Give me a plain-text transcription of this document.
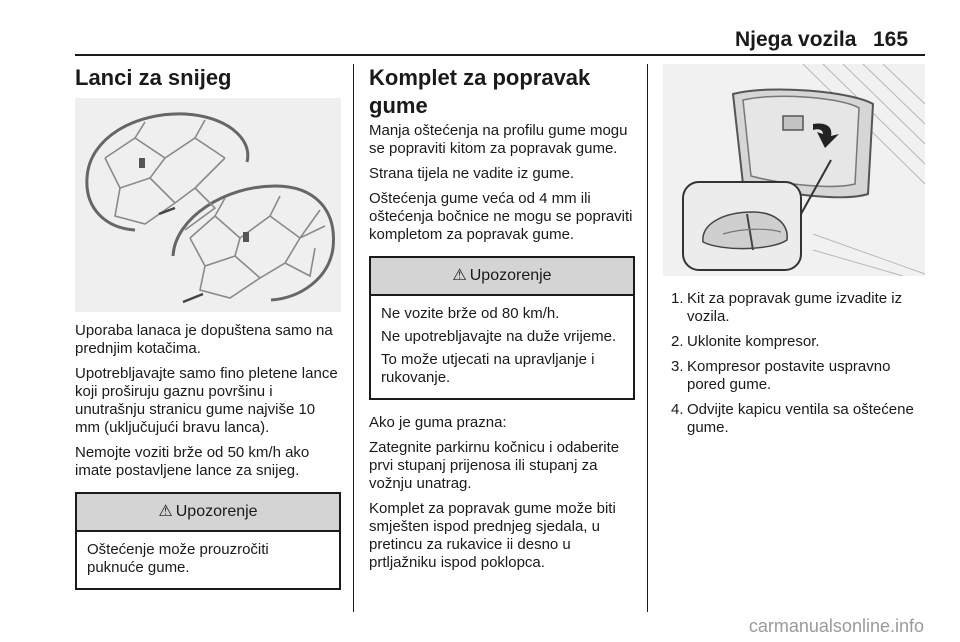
Njega vozila 165
Lanci za snijeg

Uporaba lanaca je dopuštena samo na prednjim kotačima.

Upotrebljavajte samo fino pletene lance koji proširuju gaznu površinu i unutrašnju stranicu gume najviše 10 mm (uključujući bravu lanca).

Nemojte voziti brže od 50 km/h ako imate postavljene lance za snijeg.

⚠ Upozorenje

Oštećenje može prouzročiti puknuće gume.

Komplet za popravak gume

Manja oštećenja na profilu gume mogu se popraviti kitom za popravak gume.

Strana tijela ne vadite iz gume.

Oštećenja gume veća od 4 mm ili oštećenja bočnice ne mogu se popraviti kompletom za popravak gume.

⚠ Upozorenje

Ne vozite brže od 80 km/h.

Ne upotrebljavajte na duže vrijeme.

To može utjecati na upravljanje i rukovanje.

Ako je guma prazna:

Zategnite parkirnu kočnicu i odaberite prvi stupanj prijenosa ili stupanj za vožnju unatrag.

Komplet za popravak gume može biti smješten ispod prednjeg sjedala, u pretincu za rukavice ii desno u prtljažniku ispod poklopca.

1. Kit za popravak gume izvadite iz vozila.
2. Uklonite kompresor.
3. Kompresor postavite uspravno pored gume.
4. Odvijte kapicu ventila sa oštećene gume.
carmanualsonline.info
